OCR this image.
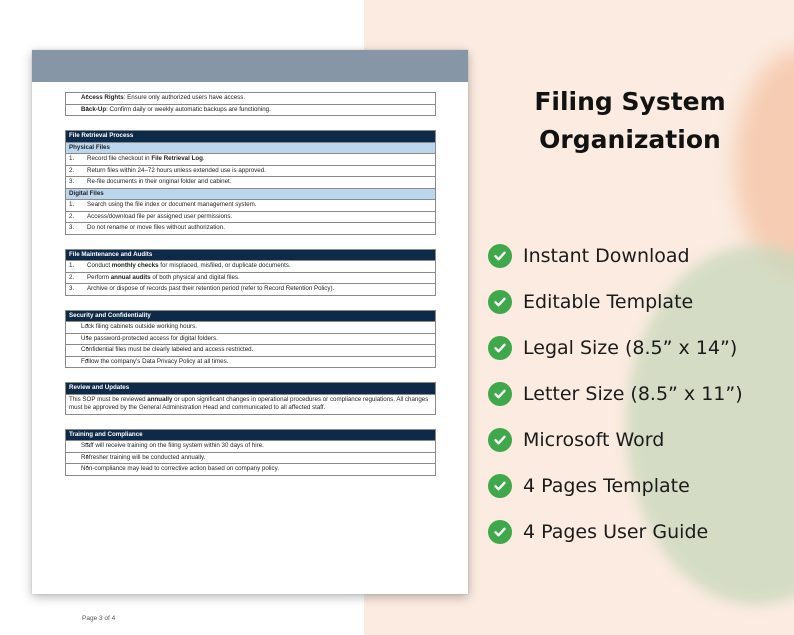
• Access Rights: Ensure only authorized users have access.
• Back-Up: Confirm daily or weekly automatic backups are functioning.
File Retrieval Process
Physical Files
1. Record file checkout in File Retrieval Log.
2. Return files within 24–72 hours unless extended use is approved.
3. Re-file documents in their original folder and cabinet.
Digital Files
1. Search using the file index or document management system.
2. Access/download file per assigned user permissions.
3. Do not rename or move files without authorization.
File Maintenance and Audits
1. Conduct monthly checks for misplaced, misfiled, or duplicate documents.
2. Perform annual audits of both physical and digital files.
3. Archive or dispose of records past their retention period (refer to Record Retention Policy).
Security and Confidentiality
• Lock filing cabinets outside working hours.
• Use password-protected access for digital folders.
• Confidential files must be clearly labeled and access restricted.
• Follow the company’s Data Privacy Policy at all times.
Review and Updates
This SOP must be reviewed annually or upon significant changes in operational procedures or compliance regulations. All changes must be approved by the General Administration Head and communicated to all affected staff.
Training and Compliance
• Staff will receive training on the filing system within 30 days of hire.
• Refresher training will be conducted annually.
• Non-compliance may lead to corrective action based on company policy.
Page 3 of 4
Filing System
Organization
Instant Download
Editable Template
Legal Size (8.5” x 14”)
Letter Size (8.5” x 11”)
Microsoft Word
4 Pages Template
4 Pages User Guide
